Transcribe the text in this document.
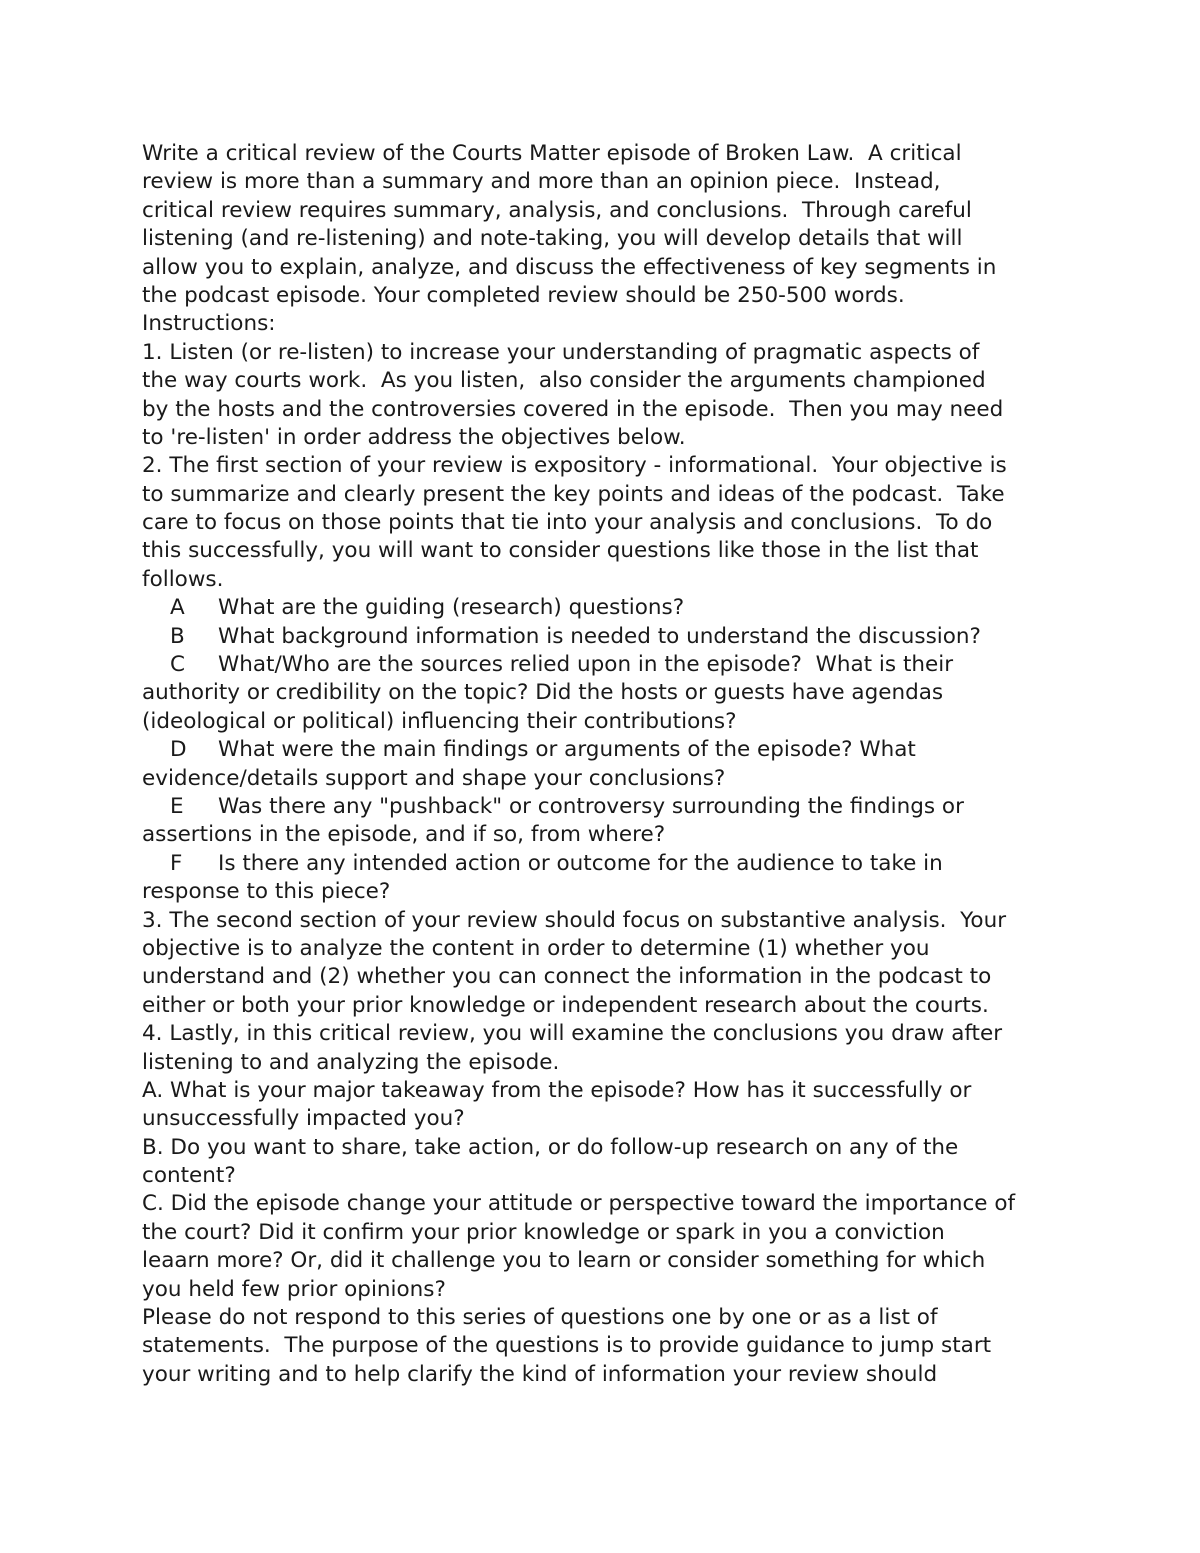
Write a critical review of the Courts Matter episode of Broken Law.  A critical
review is more than a summary and more than an opinion piece.  Instead,
critical review requires summary, analysis, and conclusions.  Through careful
listening (and re-listening) and note-taking, you will develop details that will
allow you to explain, analyze, and discuss the effectiveness of key segments in
the podcast episode. Your completed review should be 250-500 words.
Instructions:
1. Listen (or re-listen) to increase your understanding of pragmatic aspects of
the way courts work.  As you listen,  also consider the arguments championed
by the hosts and the controversies covered in the episode.  Then you may need
to 're-listen' in order address the objectives below.
2. The first section of your review is expository - informational.  Your objective is
to summarize and clearly present the key points and ideas of the podcast.  Take
care to focus on those points that tie into your analysis and conclusions.  To do
this successfully, you will want to consider questions like those in the list that
follows.
A What are the guiding (research) questions?
B What background information is needed to understand the discussion?
C What/Who are the sources relied upon in the episode?  What is their
authority or credibility on the topic? Did the hosts or guests have agendas
(ideological or political) influencing their contributions?
D What were the main findings or arguments of the episode? What
evidence/details support and shape your conclusions?
E Was there any "pushback" or controversy surrounding the findings or
assertions in the episode, and if so, from where?
F Is there any intended action or outcome for the audience to take in
response to this piece?
3. The second section of your review should focus on substantive analysis.  Your
objective is to analyze the content in order to determine (1) whether you
understand and (2) whether you can connect the information in the podcast to
either or both your prior knowledge or independent research about the courts.
4. Lastly, in this critical review, you will examine the conclusions you draw after
listening to and analyzing the episode.
A. What is your major takeaway from the episode? How has it successfully or
unsuccessfully impacted you?
B. Do you want to share, take action, or do follow-up research on any of the
content?
C. Did the episode change your attitude or perspective toward the importance of
the court? Did it confirm your prior knowledge or spark in you a conviction
leaarn more? Or, did it challenge you to learn or consider something for which
you held few prior opinions?
Please do not respond to this series of questions one by one or as a list of
statements.  The purpose of the questions is to provide guidance to jump start
your writing and to help clarify the kind of information your review should
